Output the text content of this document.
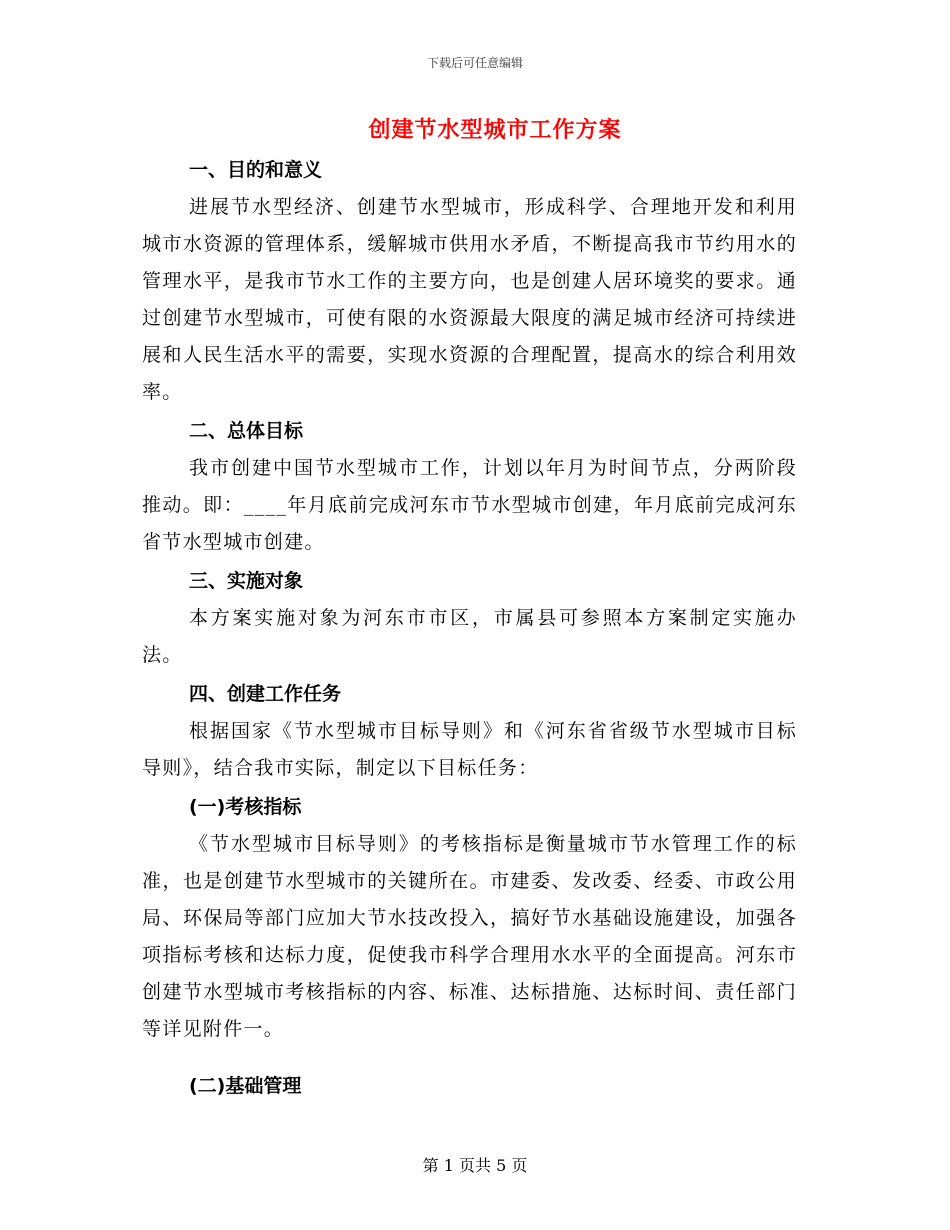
下载后可任意编辑
创建节水型城市工作方案

一、目的和意义

进展节水型经济、创建节水型城市，形成科学、合理地开发和利用城市水资源的管理体系，缓解城市供用水矛盾，不断提高我市节约用水的管理水平，是我市节水工作的主要方向，也是创建人居环境奖的要求。通过创建节水型城市，可使有限的水资源最大限度的满足城市经济可持续进展和人民生活水平的需要，实现水资源的合理配置，提高水的综合利用效率。

二、总体目标

我市创建中国节水型城市工作，计划以年月为时间节点，分两阶段推动。即：____年月底前完成河东市节水型城市创建，年月底前完成河东省节水型城市创建。

三、实施对象

本方案实施对象为河东市市区，市属县可参照本方案制定实施办法。

四、创建工作任务

根据国家《节水型城市目标导则》和《河东省省级节水型城市目标导则》，结合我市实际，制定以下目标任务：

(一)考核指标

《节水型城市目标导则》的考核指标是衡量城市节水管理工作的标准，也是创建节水型城市的关键所在。市建委、发改委、经委、市政公用局、环保局等部门应加大节水技改投入，搞好节水基础设施建设，加强各项指标考核和达标力度，促使我市科学合理用水水平的全面提高。河东市创建节水型城市考核指标的内容、标准、达标措施、达标时间、责任部门等详见附件一。

(二)基础管理

第 1 页共 5 页
